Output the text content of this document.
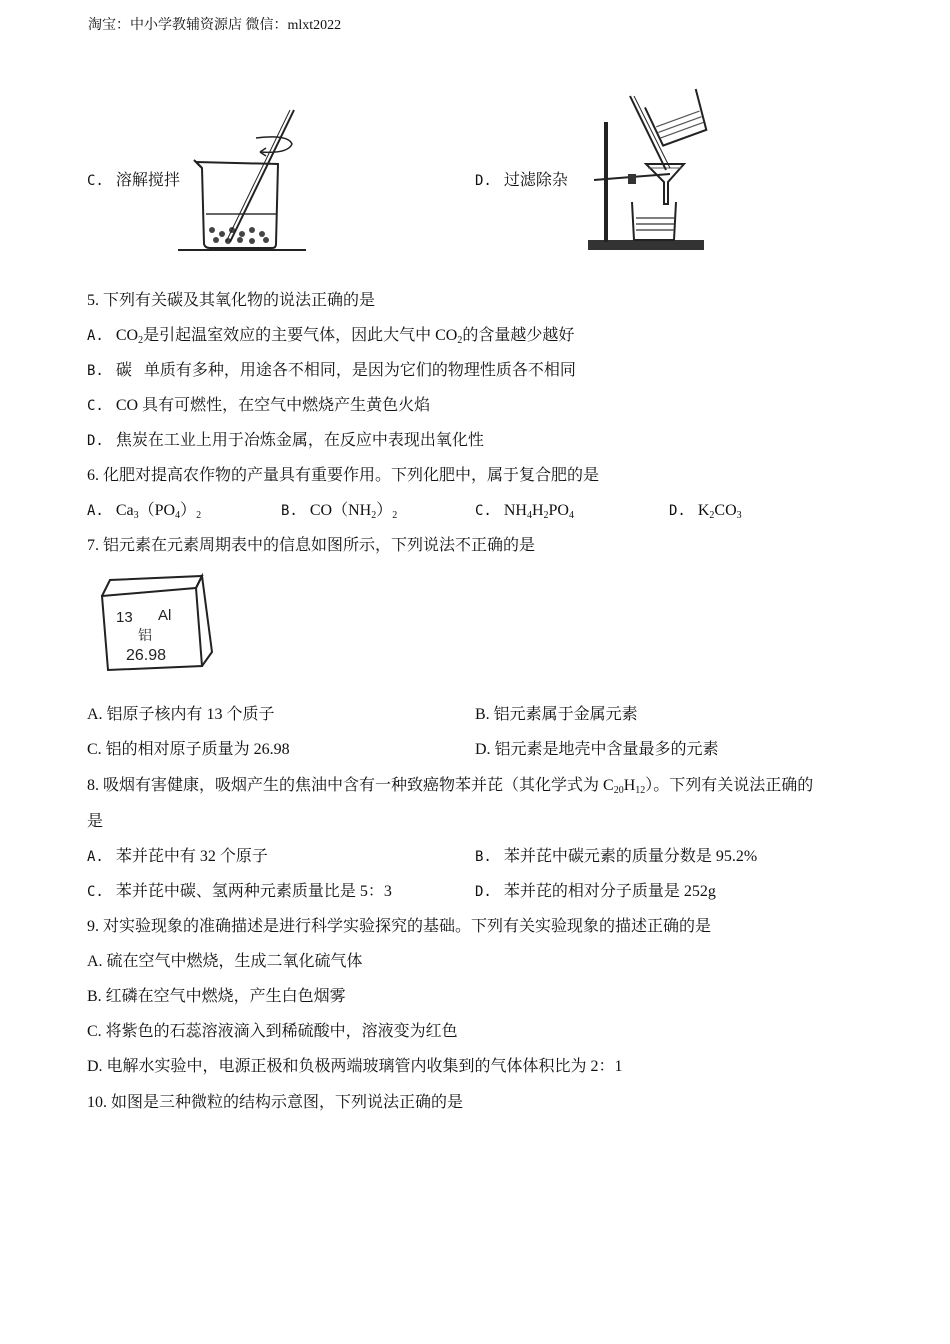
淘宝：中小学教辅资源店 微信：mlxt2022
C. 溶解搅拌	D. 过滤除杂
5. 下列有关碳及其氧化物的说法正确的是
A. $CO_2$是引起温室效应的主要气体，因此大气中 $CO_2$的含量越少越好
B. 碳   单质有多种，用途各不相同，是因为它们的物理性质各不相同
C. CO 具有可燃性，在空气中燃烧产生黄色火焰
D. 焦炭在工业上用于冶炼金属，在反应中表现出氧化性
6. 化肥对提高农作物的产量具有重要作用。下列化肥中，属于复合肥的是
A. $Ca_3(PO_4)_2$	B. $CO(NH_2)_2$	C. $NH_4H_2PO_4$	D. $K_2CO_3$
7. 铝元素在元素周期表中的信息如图所示，下列说法不正确的是
13 Al
铝
26.98
A. 铝原子核内有 13 个质子	B. 铝元素属于金属元素
C. 铝的相对原子质量为 26.98	D. 铝元素是地壳中含量最多的元素
8. 吸烟有害健康，吸烟产生的焦油中含有一种致癌物苯并芘（其化学式为 $C_{20}H_{12}$）。下列有关说法正确的
是
A. 苯并芘中有 32 个原子	B. 苯并芘中碳元素的质量分数是 95.2%
C. 苯并芘中碳、氢两种元素质量比是 5：3	D. 苯并芘的相对分子质量是 252g
9. 对实验现象的准确描述是进行科学实验探究的基础。下列有关实验现象的描述正确的是
A. 硫在空气中燃烧，生成二氧化硫气体
B. 红磷在空气中燃烧，产生白色烟雾
C. 将紫色的石蕊溶液滴入到稀硫酸中，溶液变为红色
D. 电解水实验中，电源正极和负极两端玻璃管内收集到的气体体积比为 2：1
10. 如图是三种微粒的结构示意图，下列说法正确的是
